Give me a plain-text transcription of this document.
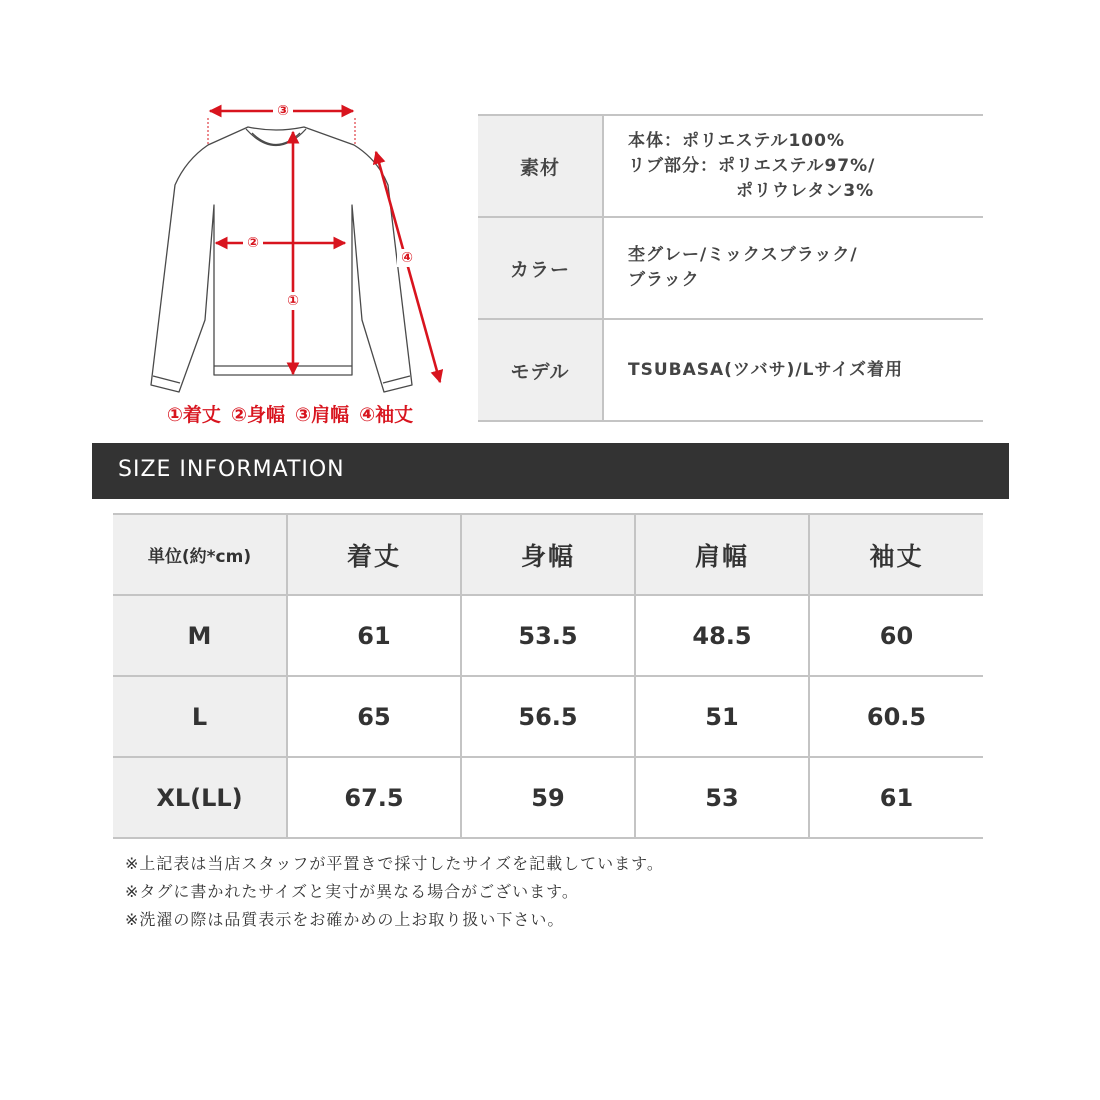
③
②
①
④
①着丈 ②身幅 ③肩幅 ④袖丈
素材	本体：ポリエステル100%
リブ部分：ポリエステル97%/
ポリウレタン3%

カラー	杢グレー/ミックスブラック/
ブラック

モデル	TSUBASA(ツバサ)/Lサイズ着用
SIZE INFORMATION
単位(約*cm)	着丈	身幅	肩幅	袖丈
M	61	53.5	48.5	60
L	65	56.5	51	60.5
XL(LL)	67.5	59	53	61
※上記表は当店スタッフが平置きで採寸したサイズを記載しています。
※タグに書かれたサイズと実寸が異なる場合がございます。
※洗濯の際は品質表示をお確かめの上お取り扱い下さい。
